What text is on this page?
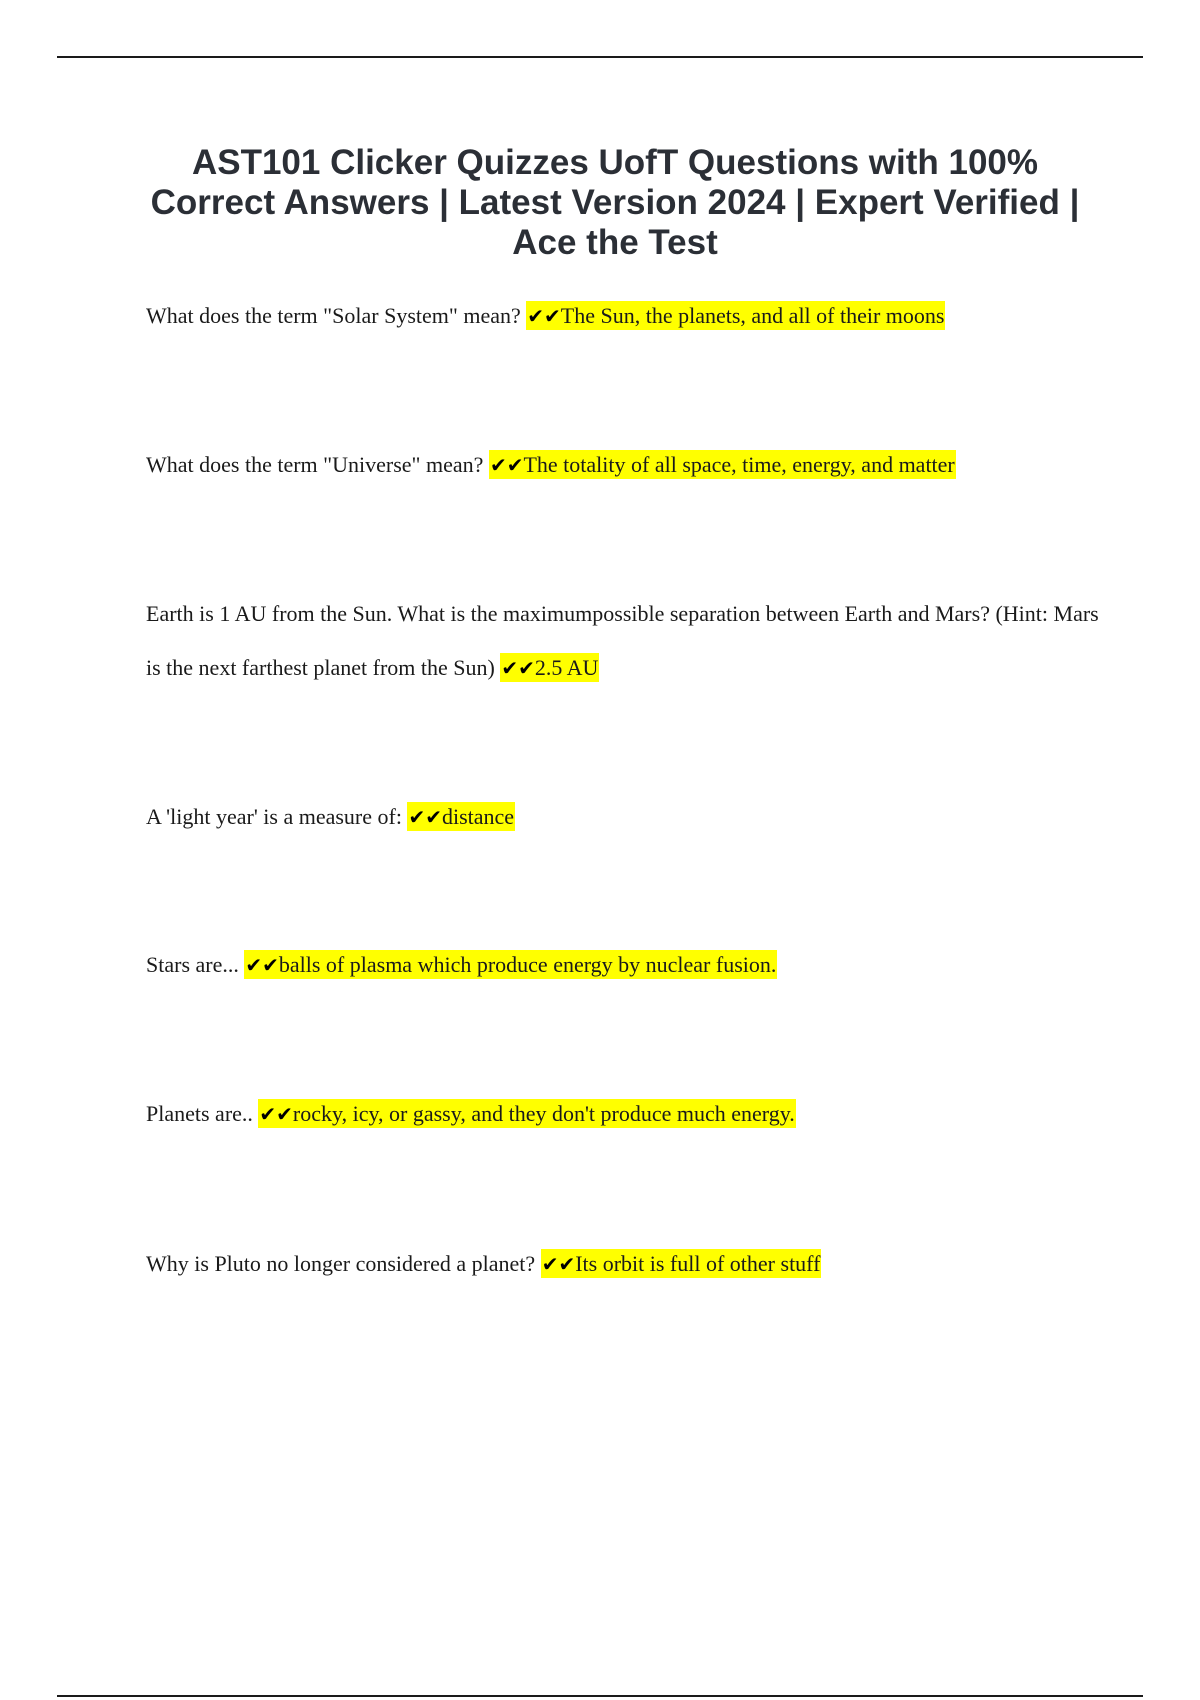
AST101 Clicker Quizzes UofT Questions with 100% Correct Answers | Latest Version 2024 | Expert Verified | Ace the Test
What does the term "Solar System" mean? ✔✔The Sun, the planets, and all of their moons
What does the term "Universe" mean? ✔✔The totality of all space, time, energy, and matter
Earth is 1 AU from the Sun. What is the maximumpossible separation between Earth and Mars? (Hint: Mars is the next farthest planet from the Sun) ✔✔2.5 AU
A 'light year' is a measure of: ✔✔distance
Stars are... ✔✔balls of plasma which produce energy by nuclear fusion.
Planets are.. ✔✔rocky, icy, or gassy, and they don't produce much energy.
Why is Pluto no longer considered a planet? ✔✔Its orbit is full of other stuff
